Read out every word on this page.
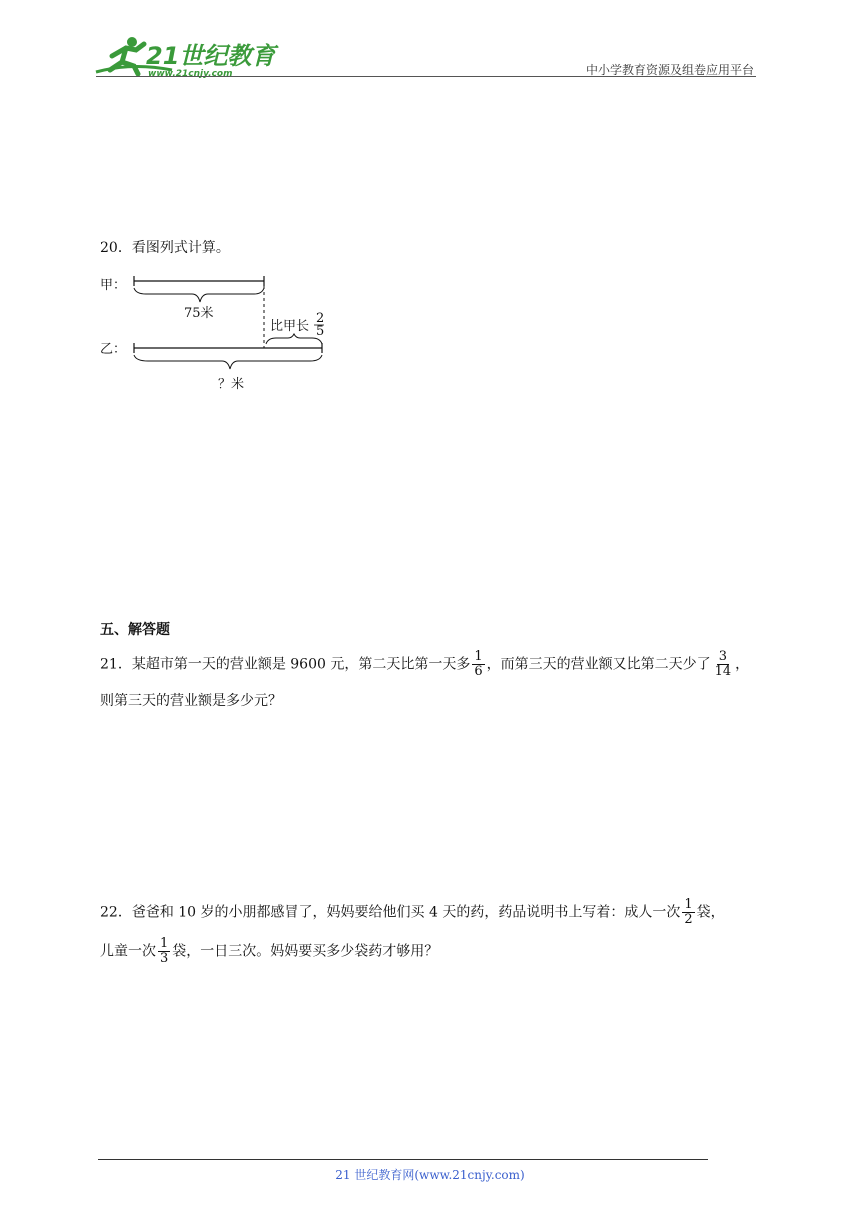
21世纪教育
www.21cnjy.com	中小学教育资源及组卷应用平台
20．看图列式计算。
甲：
75米
比甲长
2
5
乙：
？米
五、解答题
21．某超市第一天的营业额是 9600 元，第二天比第一天多 $\frac{1}{6}$ ，而第三天的营业额又比第二天少了 $\frac{3}{14}$ ，
则第三天的营业额是多少元？
22．爸爸和 10 岁的小朋都感冒了，妈妈要给他们买 4 天的药，药品说明书上写着：成人一次 $\frac{1}{2}$ 袋，
儿童一次 $\frac{1}{3}$ 袋，一日三次。妈妈要买多少袋药才够用？
21 世纪教育网(www.21cnjy.com)
